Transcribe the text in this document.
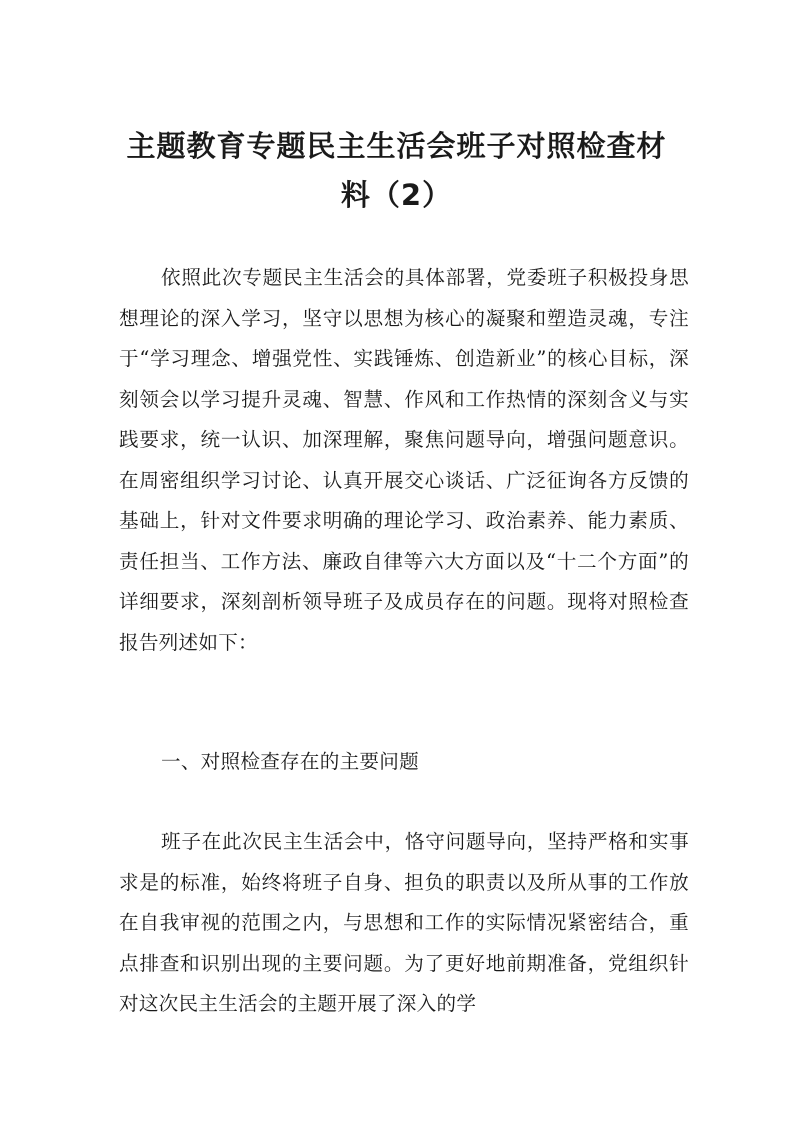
主题教育专题民主生活会班子对照检查材
料（2）

依照此次专题民主生活会的具体部署，党委班子积极投身思想理论的深入学习，坚守以思想为核心的凝聚和塑造灵魂，专注于“学习理念、增强党性、实践锤炼、创造新业”的核心目标，深刻领会以学习提升灵魂、智慧、作风和工作热情的深刻含义与实践要求，统一认识、加深理解，聚焦问题导向，增强问题意识。在周密组织学习讨论、认真开展交心谈话、广泛征询各方反馈的基础上，针对文件要求明确的理论学习、政治素养、能力素质、责任担当、工作方法、廉政自律等六大方面以及“十二个方面”的详细要求，深刻剖析领导班子及成员存在的问题。现将对照检查报告列述如下：

一、对照检查存在的主要问题

班子在此次民主生活会中，恪守问题导向，坚持严格和实事求是的标准，始终将班子自身、担负的职责以及所从事的工作放在自我审视的范围之内，与思想和工作的实际情况紧密结合，重点排查和识别出现的主要问题。为了更好地前期准备，党组织针对这次民主生活会的主题开展了深入的学
